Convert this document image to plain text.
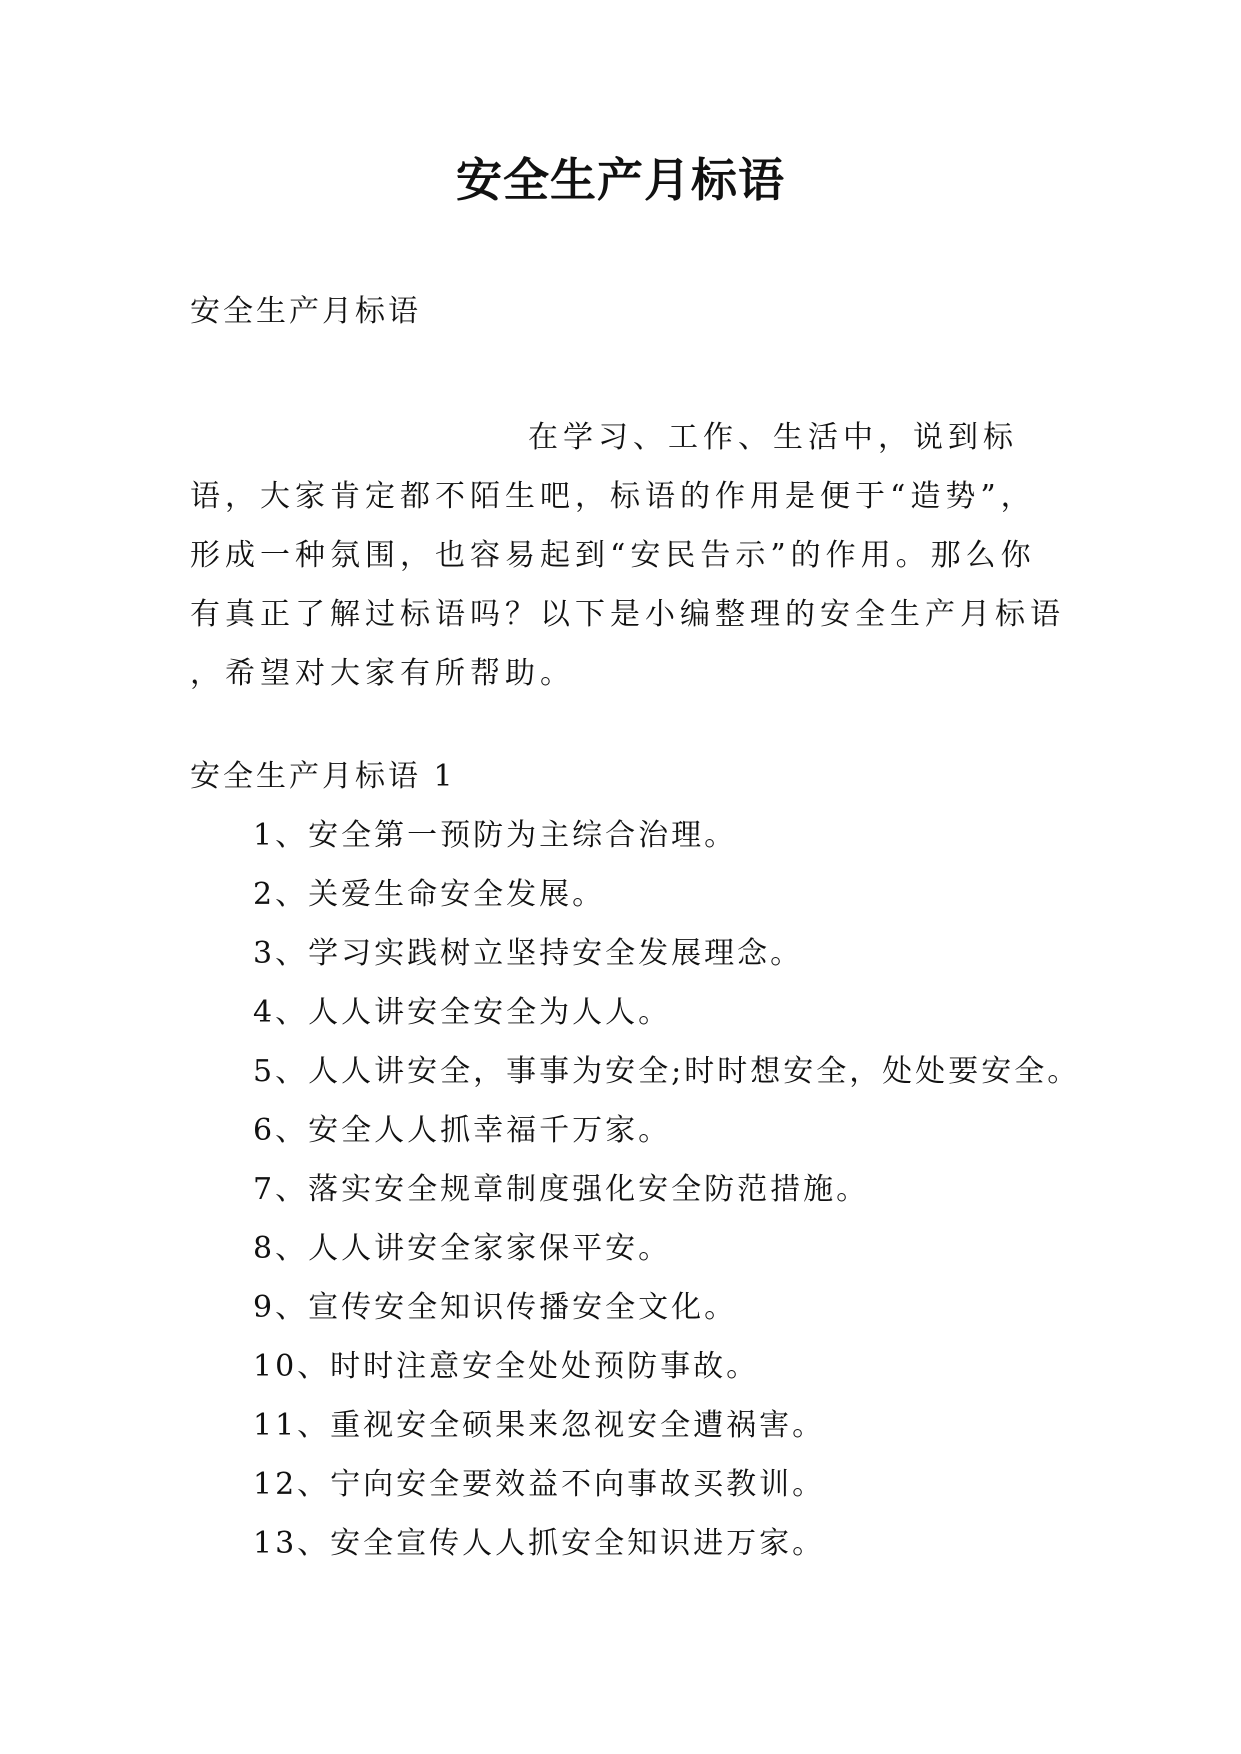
安全生产月标语
安全生产月标语

在学习、工作、生活中，说到标语，大家肯定都不陌生吧，标语的作用是便于“造势”，形成一种氛围，也容易起到“安民告示”的作用。那么你有真正了解过标语吗？以下是小编整理的安全生产月标语 ，希望对大家有所帮助。

安全生产月标语 1
1、安全第一预防为主综合治理。
2、关爱生命安全发展。
3、学习实践树立坚持安全发展理念。
4、人人讲安全安全为人人。
5、人人讲安全，事事为安全;时时想安全，处处要安全。
6、安全人人抓幸福千万家。
7、落实安全规章制度强化安全防范措施。
8、人人讲安全家家保平安。
9、宣传安全知识传播安全文化。
10、时时注意安全处处预防事故。
11、重视安全硕果来忽视安全遭祸害。
12、宁向安全要效益不向事故买教训。
13、安全宣传人人抓安全知识进万家。
